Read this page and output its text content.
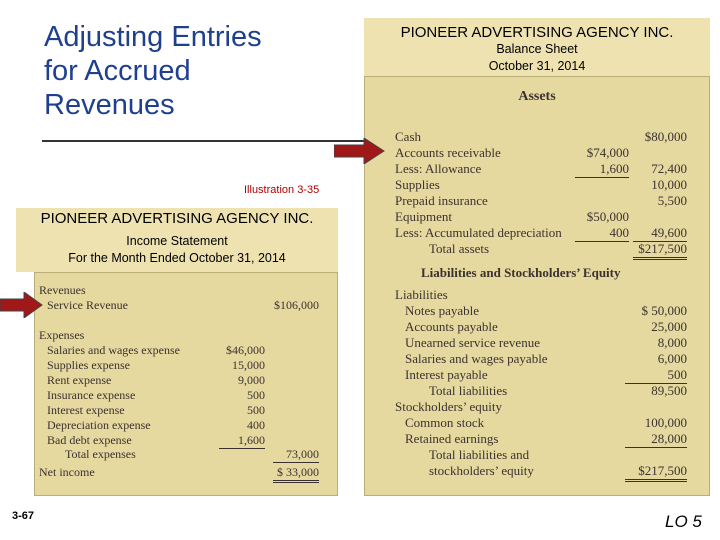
Adjusting Entries
for Accrued
Revenues
Illustration 3-35
Assets
Cash	$80,000
Accounts receivable	$74,000
Less: Allowance	1,600	72,400
Supplies	10,000
Prepaid insurance	5,500
Equipment	$50,000
Less: Accumulated depreciation	400	49,600
Total assets	$217,500
Liabilities and Stockholders’ Equity
Liabilities
Notes payable	$ 50,000
Accounts payable	25,000
Unearned service revenue	8,000
Salaries and wages payable	6,000
Interest payable	500
Total liabilities	89,500
Stockholders’ equity
Common stock	100,000
Retained earnings	28,000
Total liabilities and
stockholders’ equity	$217,500
PIONEER ADVERTISING AGENCY INC.
Balance Sheet
October 31, 2014
Revenues
Service Revenue	$106,000
Expenses
Salaries and wages expense	$46,000
Supplies expense	15,000
Rent expense	9,000
Insurance expense	500
Interest expense	500
Depreciation expense	400
Bad debt expense	1,600
Total expenses	73,000
Net income	$ 33,000
PIONEER ADVERTISING AGENCY INC.
Income Statement
For the Month Ended October 31, 2014
3-67	LO 5
